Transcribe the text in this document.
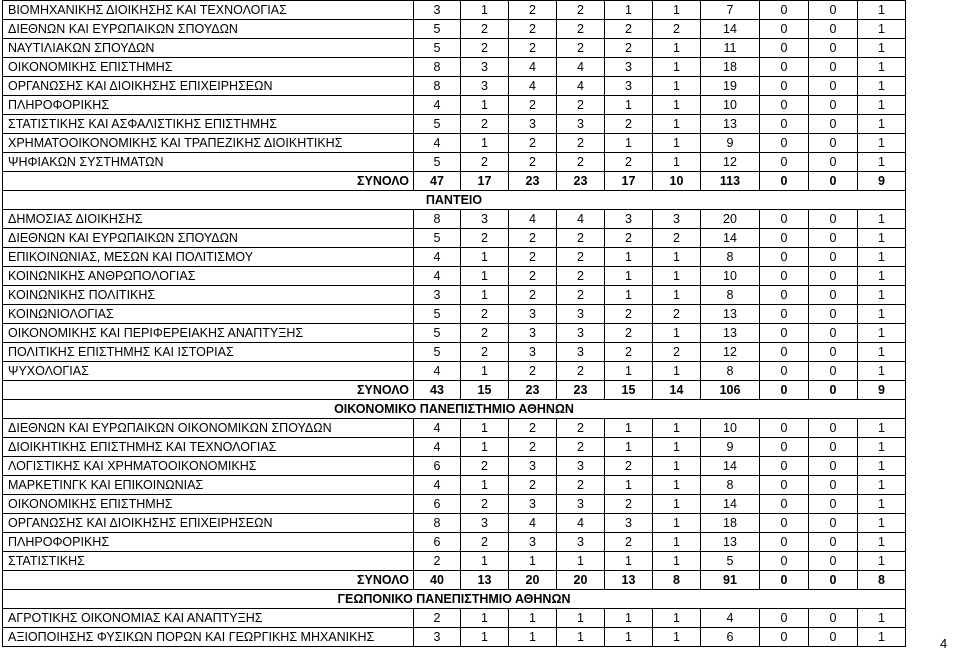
ΒΙΟΜΗΧΑΝΙΚΗΣ ΔΙΟΙΚΗΣΗΣ ΚΑΙ ΤΕΧΝΟΛΟΓΙΑΣ	3	1	2	2	1	1	7	0	0	1
ΔΙΕΘΝΩΝ ΚΑΙ ΕΥΡΩΠΑΙΚΩΝ ΣΠΟΥΔΩΝ	5	2	2	2	2	2	14	0	0	1
ΝΑΥΤΙΛΙΑΚΩΝ ΣΠΟΥΔΩΝ	5	2	2	2	2	1	11	0	0	1
ΟΙΚΟΝΟΜΙΚΗΣ ΕΠΙΣΤΗΜΗΣ	8	3	4	4	3	1	18	0	0	1
ΟΡΓΑΝΩΣΗΣ ΚΑΙ ΔΙΟΙΚΗΣΗΣ ΕΠΙΧΕΙΡΗΣΕΩΝ	8	3	4	4	3	1	19	0	0	1
ΠΛΗΡΟΦΟΡΙΚΗΣ	4	1	2	2	1	1	10	0	0	1
ΣΤΑΤΙΣΤΙΚΗΣ ΚΑΙ ΑΣΦΑΛΙΣΤΙΚΗΣ ΕΠΙΣΤΗΜΗΣ	5	2	3	3	2	1	13	0	0	1
ΧΡΗΜΑΤΟΟΙΚΟΝΟΜΙΚΗΣ ΚΑΙ ΤΡΑΠΕΖΙΚΗΣ ΔΙΟΙΚΗΤΙΚΗΣ	4	1	2	2	1	1	9	0	0	1
ΨΗΦΙΑΚΩΝ ΣΥΣΤΗΜΑΤΩΝ	5	2	2	2	2	1	12	0	0	1
ΣΥΝΟΛΟ	47	17	23	23	17	10	113	0	0	9
ΠΑΝΤΕΙΟ										
ΔΗΜΟΣΙΑΣ ΔΙΟΙΚΗΣΗΣ	8	3	4	4	3	3	20	0	0	1
ΔΙΕΘΝΩΝ ΚΑΙ ΕΥΡΩΠΑΙΚΩΝ ΣΠΟΥΔΩΝ	5	2	2	2	2	2	14	0	0	1
ΕΠΙΚΟΙΝΩΝΙΑΣ, ΜΕΣΩΝ ΚΑΙ ΠΟΛΙΤΙΣΜΟΥ	4	1	2	2	1	1	8	0	0	1
ΚΟΙΝΩΝΙΚΗΣ ΑΝΘΡΩΠΟΛΟΓΙΑΣ	4	1	2	2	1	1	10	0	0	1
ΚΟΙΝΩΝΙΚΗΣ ΠΟΛΙΤΙΚΗΣ	3	1	2	2	1	1	8	0	0	1
ΚΟΙΝΩΝΙΟΛΟΓΙΑΣ	5	2	3	3	2	2	13	0	0	1
ΟΙΚΟΝΟΜΙΚΗΣ ΚΑΙ ΠΕΡΙΦΕΡΕΙΑΚΗΣ ΑΝΑΠΤΥΞΗΣ	5	2	3	3	2	1	13	0	0	1
ΠΟΛΙΤΙΚΗΣ ΕΠΙΣΤΗΜΗΣ ΚΑΙ ΙΣΤΟΡΙΑΣ	5	2	3	3	2	2	12	0	0	1
ΨΥΧΟΛΟΓΙΑΣ	4	1	2	2	1	1	8	0	0	1
ΣΥΝΟΛΟ	43	15	23	23	15	14	106	0	0	9
ΟΙΚΟΝΟΜΙΚΟ ΠΑΝΕΠΙΣΤΗΜΙΟ ΑΘΗΝΩΝ										
ΔΙΕΘΝΩΝ ΚΑΙ ΕΥΡΩΠΑΙΚΩΝ ΟΙΚΟΝΟΜΙΚΩΝ ΣΠΟΥΔΩΝ	4	1	2	2	1	1	10	0	0	1
ΔΙΟΙΚΗΤΙΚΗΣ ΕΠΙΣΤΗΜΗΣ ΚΑΙ ΤΕΧΝΟΛΟΓΙΑΣ	4	1	2	2	1	1	9	0	0	1
ΛΟΓΙΣΤΙΚΗΣ ΚΑΙ ΧΡΗΜΑΤΟΟΙΚΟΝΟΜΙΚΗΣ	6	2	3	3	2	1	14	0	0	1
ΜΑΡΚΕΤΙΝΓΚ ΚΑΙ ΕΠΙΚΟΙΝΩΝΙΑΣ	4	1	2	2	1	1	8	0	0	1
ΟΙΚΟΝΟΜΙΚΗΣ ΕΠΙΣΤΗΜΗΣ	6	2	3	3	2	1	14	0	0	1
ΟΡΓΑΝΩΣΗΣ ΚΑΙ ΔΙΟΙΚΗΣΗΣ ΕΠΙΧΕΙΡΗΣΕΩΝ	8	3	4	4	3	1	18	0	0	1
ΠΛΗΡΟΦΟΡΙΚΗΣ	6	2	3	3	2	1	13	0	0	1
ΣΤΑΤΙΣΤΙΚΗΣ	2	1	1	1	1	1	5	0	0	1
ΣΥΝΟΛΟ	40	13	20	20	13	8	91	0	0	8
ΓΕΩΠΟΝΙΚΟ ΠΑΝΕΠΙΣΤΗΜΙΟ ΑΘΗΝΩΝ										
ΑΓΡΟΤΙΚΗΣ ΟΙΚΟΝΟΜΙΑΣ ΚΑΙ ΑΝΑΠΤΥΞΗΣ	2	1	1	1	1	1	4	0	0	1
ΑΞΙΟΠΟΙΗΣΗΣ ΦΥΣΙΚΩΝ ΠΟΡΩΝ ΚΑΙ ΓΕΩΡΓΙΚΗΣ ΜΗΧΑΝΙΚΗΣ	3	1	1	1	1	1	6	0	0	1	4
